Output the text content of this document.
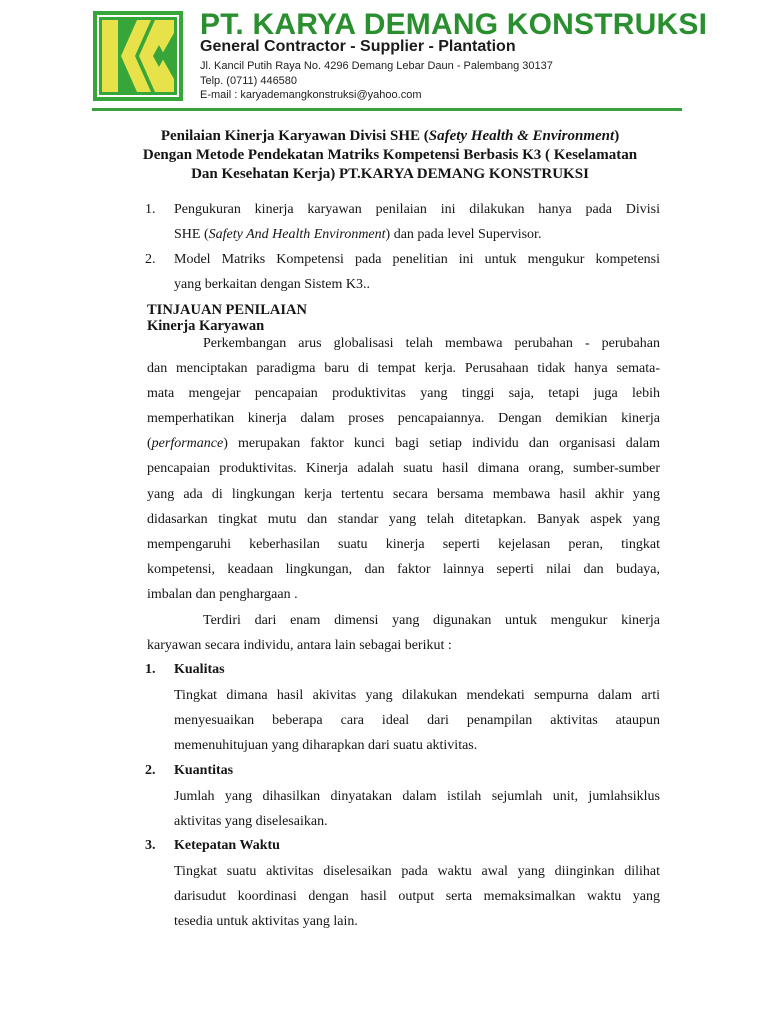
PT. KARYA DEMANG KONSTRUKSI
General Contractor - Supplier - Plantation
Jl. Kancil Putih Raya No. 4296 Demang Lebar Daun - Palembang 30137
Telp. (0711) 446580
E-mail : karyademangkonstruksi@yahoo.com
Penilaian Kinerja Karyawan Divisi SHE (Safety Health & Environment)
Dengan Metode Pendekatan Matriks Kompetensi Berbasis K3 ( Keselamatan
Dan Kesehatan Kerja) PT.KARYA DEMANG KONSTRUKSI
1. Pengukuran kinerja karyawan penilaian ini dilakukan hanya pada Divisi
SHE (Safety And Health Environment) dan pada level Supervisor.
2. Model Matriks Kompetensi pada penelitian ini untuk mengukur kompetensi
yang berkaitan dengan Sistem K3..
TINJAUAN PENILAIAN
Kinerja Karyawan
Perkembangan arus globalisasi telah membawa perubahan - perubahan
dan menciptakan paradigma baru di tempat kerja. Perusahaan tidak hanya semata-
mata mengejar pencapaian produktivitas yang tinggi saja, tetapi juga lebih
memperhatikan kinerja dalam proses pencapaiannya. Dengan demikian kinerja
(performance) merupakan faktor kunci bagi setiap individu dan organisasi dalam
pencapaian produktivitas. Kinerja adalah suatu hasil dimana orang, sumber-sumber
yang ada di lingkungan kerja tertentu secara bersama membawa hasil akhir yang
didasarkan tingkat mutu dan standar yang telah ditetapkan. Banyak aspek yang
mempengaruhi keberhasilan suatu kinerja seperti kejelasan peran, tingkat
kompetensi, keadaan lingkungan, dan faktor lainnya seperti nilai dan budaya,
imbalan dan penghargaan .
Terdiri dari enam dimensi yang digunakan untuk mengukur kinerja
karyawan secara individu, antara lain sebagai berikut :
1. Kualitas
Tingkat dimana hasil akivitas yang dilakukan mendekati sempurna dalam arti
menyesuaikan beberapa cara ideal dari penampilan aktivitas ataupun
memenuhitujuan yang diharapkan dari suatu aktivitas.
2. Kuantitas
Jumlah yang dihasilkan dinyatakan dalam istilah sejumlah unit, jumlahsiklus
aktivitas yang diselesaikan.
3. Ketepatan Waktu
Tingkat suatu aktivitas diselesaikan pada waktu awal yang diinginkan dilihat
darisudut koordinasi dengan hasil output serta memaksimalkan waktu yang
tesedia untuk aktivitas yang lain.
